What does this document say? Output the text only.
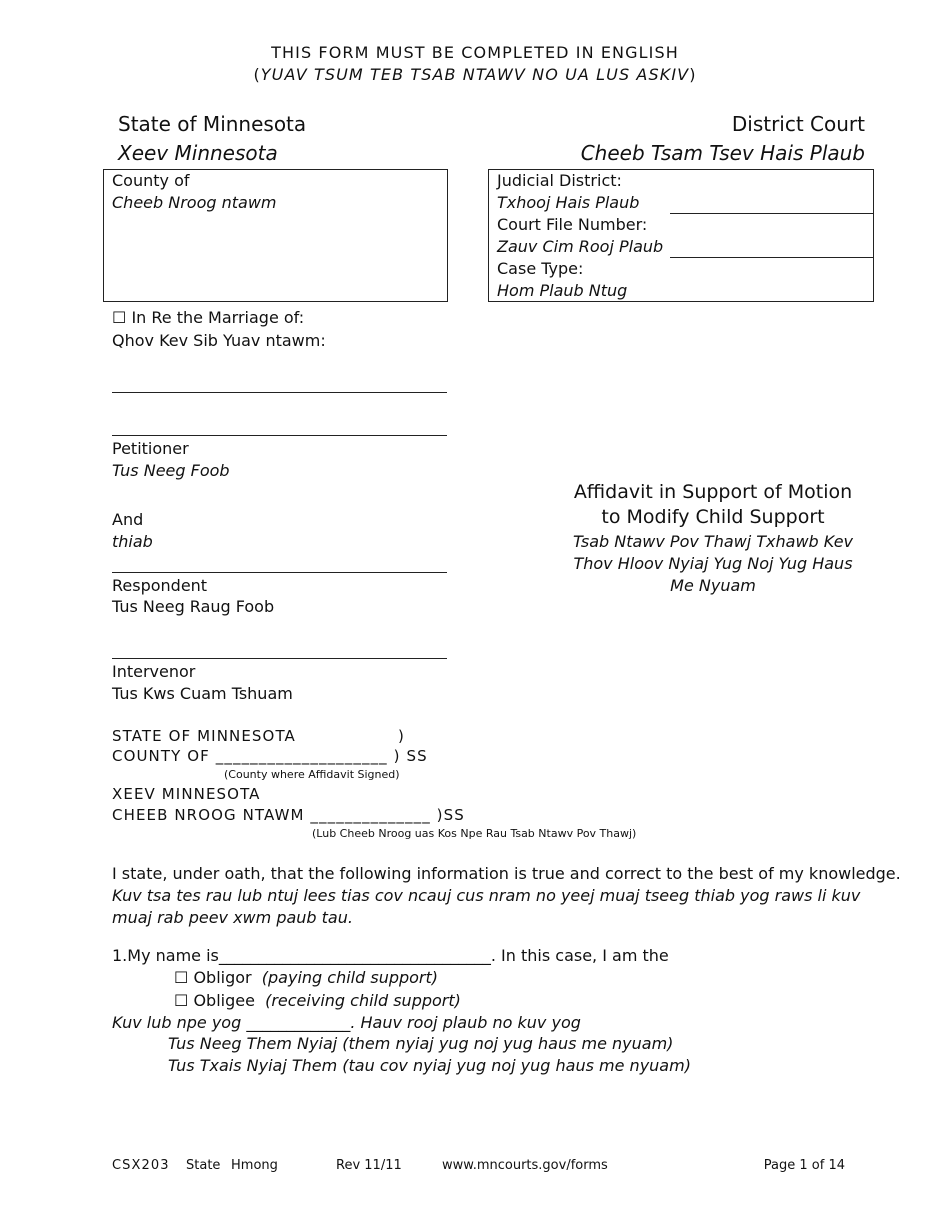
THIS FORM MUST BE COMPLETED IN ENGLISH
(YUAV TSUM TEB TSAB NTAWV NO UA LUS ASKIV)
State of Minnesota
Xeev Minnesota
District Court
Cheeb Tsam Tsev Hais Plaub
County of
Cheeb Nroog ntawm
Judicial District:
Txhooj Hais Plaub
Court File Number:
Zauv Cim Rooj Plaub
Case Type:
Hom Plaub Ntug
☐ In Re the Marriage of:
Qhov Kev Sib Yuav ntawm:
Petitioner
Tus Neeg Foob
And
thiab
Respondent
Tus Neeg Raug Foob
Intervenor
Tus Kws Cuam Tshuam
Affidavit in Support of Motion
to Modify Child Support
Tsab Ntawv Pov Thawj Txhawb Kev
Thov Hloov Nyiaj Yug Noj Yug Haus
Me Nyuam
STATE OF MINNESOTA	)
COUNTY OF ____________________ ) SS
(County where Affidavit Signed)
XEEV MINNESOTA
CHEEB NROOG NTAWM ______________ )SS
(Lub Cheeb Nroog uas Kos Npe Rau Tsab Ntawv Pov Thawj)
I state, under oath, that the following information is true and correct to the best of my knowledge.
Kuv tsa tes rau lub ntuj lees tias cov ncauj cus nram no yeej muaj tseeg thiab yog raws li kuv
muaj rab peev xwm paub tau.
1.My name is__________________________________. In this case, I am the
☐ Obligor (paying child support)
☐ Obligee (receiving child support)
Kuv lub npe yog _____________. Hauv rooj plaub no kuv yog
Tus Neeg Them Nyiaj (them nyiaj yug noj yug haus me nyuam)
Tus Txais Nyiaj Them (tau cov nyiaj yug noj yug haus me nyuam)
CSX203 State Hmong	Rev 11/11	www.mncourts.gov/forms	Page 1 of 14
